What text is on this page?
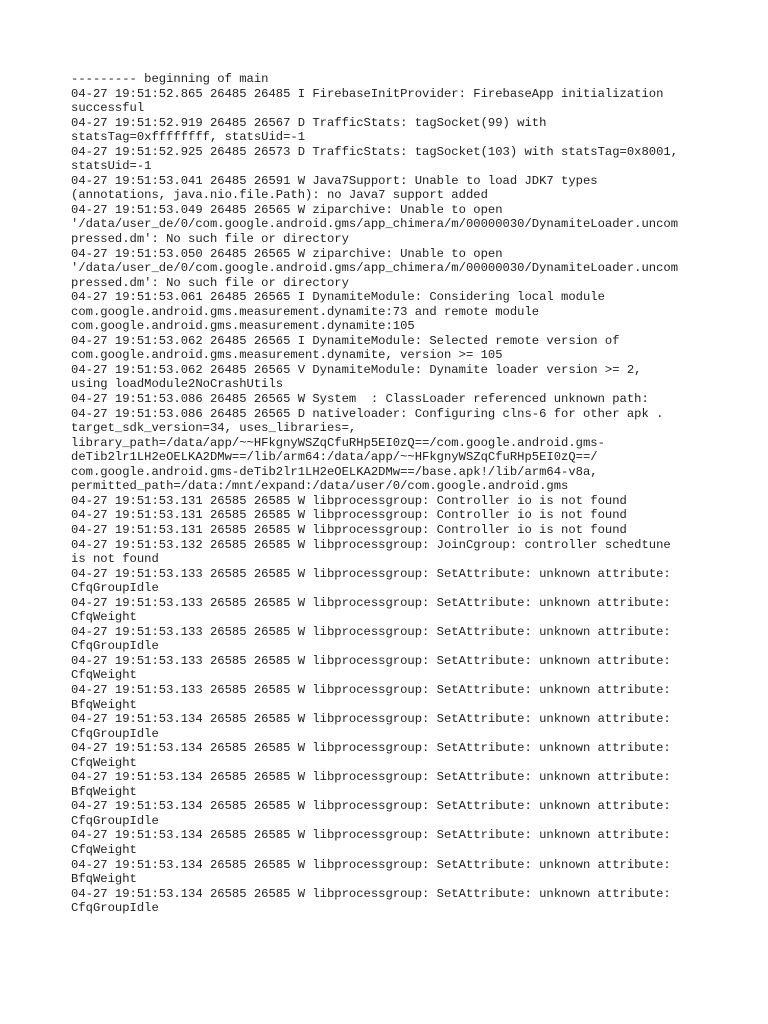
--------- beginning of main
04-27 19:51:52.865 26485 26485 I FirebaseInitProvider: FirebaseApp initialization
successful
04-27 19:51:52.919 26485 26567 D TrafficStats: tagSocket(99) with
statsTag=0xffffffff, statsUid=-1
04-27 19:51:52.925 26485 26573 D TrafficStats: tagSocket(103) with statsTag=0x8001,
statsUid=-1
04-27 19:51:53.041 26485 26591 W Java7Support: Unable to load JDK7 types
(annotations, java.nio.file.Path): no Java7 support added
04-27 19:51:53.049 26485 26565 W ziparchive: Unable to open
'/data/user_de/0/com.google.android.gms/app_chimera/m/00000030/DynamiteLoader.uncom
pressed.dm': No such file or directory
04-27 19:51:53.050 26485 26565 W ziparchive: Unable to open
'/data/user_de/0/com.google.android.gms/app_chimera/m/00000030/DynamiteLoader.uncom
pressed.dm': No such file or directory
04-27 19:51:53.061 26485 26565 I DynamiteModule: Considering local module
com.google.android.gms.measurement.dynamite:73 and remote module
com.google.android.gms.measurement.dynamite:105
04-27 19:51:53.062 26485 26565 I DynamiteModule: Selected remote version of
com.google.android.gms.measurement.dynamite, version >= 105
04-27 19:51:53.062 26485 26565 V DynamiteModule: Dynamite loader version >= 2,
using loadModule2NoCrashUtils
04-27 19:51:53.086 26485 26565 W System  : ClassLoader referenced unknown path:
04-27 19:51:53.086 26485 26565 D nativeloader: Configuring clns-6 for other apk .
target_sdk_version=34, uses_libraries=,
library_path=/data/app/~~HFkgnyWSZqCfuRHp5EI0zQ==/com.google.android.gms-
deTib2lr1LH2eOELKA2DMw==/lib/arm64:/data/app/~~HFkgnyWSZqCfuRHp5EI0zQ==/
com.google.android.gms-deTib2lr1LH2eOELKA2DMw==/base.apk!/lib/arm64-v8a,
permitted_path=/data:/mnt/expand:/data/user/0/com.google.android.gms
04-27 19:51:53.131 26585 26585 W libprocessgroup: Controller io is not found
04-27 19:51:53.131 26585 26585 W libprocessgroup: Controller io is not found
04-27 19:51:53.131 26585 26585 W libprocessgroup: Controller io is not found
04-27 19:51:53.132 26585 26585 W libprocessgroup: JoinCgroup: controller schedtune
is not found
04-27 19:51:53.133 26585 26585 W libprocessgroup: SetAttribute: unknown attribute:
CfqGroupIdle
04-27 19:51:53.133 26585 26585 W libprocessgroup: SetAttribute: unknown attribute:
CfqWeight
04-27 19:51:53.133 26585 26585 W libprocessgroup: SetAttribute: unknown attribute:
CfqGroupIdle
04-27 19:51:53.133 26585 26585 W libprocessgroup: SetAttribute: unknown attribute:
CfqWeight
04-27 19:51:53.133 26585 26585 W libprocessgroup: SetAttribute: unknown attribute:
BfqWeight
04-27 19:51:53.134 26585 26585 W libprocessgroup: SetAttribute: unknown attribute:
CfqGroupIdle
04-27 19:51:53.134 26585 26585 W libprocessgroup: SetAttribute: unknown attribute:
CfqWeight
04-27 19:51:53.134 26585 26585 W libprocessgroup: SetAttribute: unknown attribute:
BfqWeight
04-27 19:51:53.134 26585 26585 W libprocessgroup: SetAttribute: unknown attribute:
CfqGroupIdle
04-27 19:51:53.134 26585 26585 W libprocessgroup: SetAttribute: unknown attribute:
CfqWeight
04-27 19:51:53.134 26585 26585 W libprocessgroup: SetAttribute: unknown attribute:
BfqWeight
04-27 19:51:53.134 26585 26585 W libprocessgroup: SetAttribute: unknown attribute:
CfqGroupIdle
